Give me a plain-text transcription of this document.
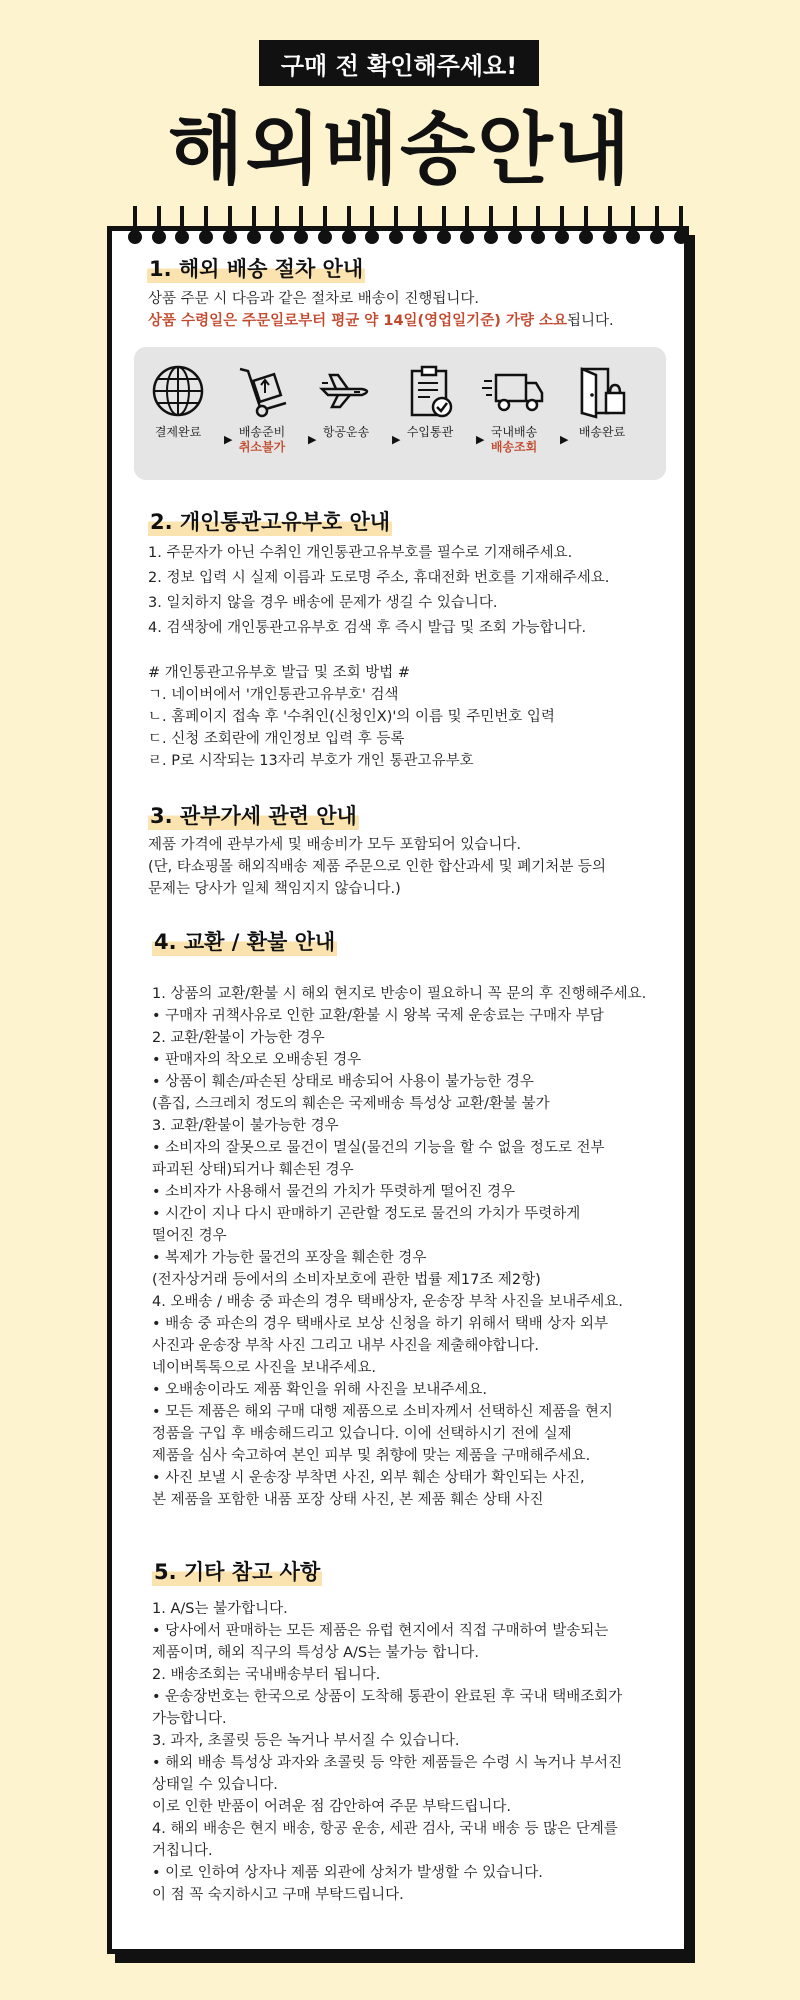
구매 전 확인해주세요!
해외배송안내
1. 해외 배송 절차 안내
상품 주문 시 다음과 같은 절차로 배송이 진행됩니다.
상품 수령일은 주문일로부터 평균 약 14일(영업일기준) 가량 소요됩니다.
결제완료

▶
배송준비
취소불가
▶
항공운송

▶
수입통관

▶
국내배송
배송조회
▶
배송완료

2. 개인통관고유부호 안내
1. 주문자가 아닌 수취인 개인통관고유부호를 필수로 기재해주세요.
2. 정보 입력 시 실제 이름과 도로명 주소, 휴대전화 번호를 기재해주세요.
3. 일치하지 않을 경우 배송에 문제가 생길 수 있습니다.
4. 검색창에 개인통관고유부호 검색 후 즉시 발급 및 조회 가능합니다.
# 개인통관고유부호 발급 및 조회 방법 #
ㄱ. 네이버에서 '개인통관고유부호' 검색
ㄴ. 홈페이지 접속 후 '수취인(신청인X)'의 이름 및 주민번호 입력
ㄷ. 신청 조회란에 개인정보 입력 후 등록
ㄹ. P로 시작되는 13자리 부호가 개인 통관고유부호
3. 관부가세 관련 안내
제품 가격에 관부가세 및 배송비가 모두 포함되어 있습니다.
(단, 타쇼핑몰 해외직배송 제품 주문으로 인한 합산과세 및 폐기처분 등의
문제는 당사가 일체 책임지지 않습니다.)
4. 교환 / 환불 안내
1. 상품의 교환/환불 시 해외 현지로 반송이 필요하니 꼭 문의 후 진행해주세요.
• 구매자 귀책사유로 인한 교환/환불 시 왕복 국제 운송료는 구매자 부담
2. 교환/환불이 가능한 경우
• 판매자의 착오로 오배송된 경우
• 상품이 훼손/파손된 상태로 배송되어 사용이 불가능한 경우
(흠집, 스크레치 정도의 훼손은 국제배송 특성상 교환/환불 불가
3. 교환/환불이 불가능한 경우
• 소비자의 잘못으로 물건이 멸실(물건의 기능을 할 수 없을 정도로 전부
파괴된 상태)되거나 훼손된 경우
• 소비자가 사용해서 물건의 가치가 뚜렷하게 떨어진 경우
• 시간이 지나 다시 판매하기 곤란할 정도로 물건의 가치가 뚜렷하게
떨어진 경우
• 복제가 가능한 물건의 포장을 훼손한 경우
(전자상거래 등에서의 소비자보호에 관한 법률 제17조 제2항)
4. 오배송 / 배송 중 파손의 경우 택배상자, 운송장 부착 사진을 보내주세요.
• 배송 중 파손의 경우 택배사로 보상 신청을 하기 위해서 택배 상자 외부
사진과 운송장 부착 사진 그리고 내부 사진을 제출해야합니다.
네이버톡톡으로 사진을 보내주세요.
• 오배송이라도 제품 확인을 위해 사진을 보내주세요.
• 모든 제품은 해외 구매 대행 제품으로 소비자께서 선택하신 제품을 현지
정품을 구입 후 배송해드리고 있습니다. 이에 선택하시기 전에 실제
제품을 심사 숙고하여 본인 피부 및 취향에 맞는 제품을 구매해주세요.
• 사진 보낼 시 운송장 부착면 사진, 외부 훼손 상태가 확인되는 사진,
본 제품을 포함한 내품 포장 상태 사진, 본 제품 훼손 상태 사진
5. 기타 참고 사항
1. A/S는 불가합니다.
• 당사에서 판매하는 모든 제품은 유럽 현지에서 직접 구매하여 발송되는
제품이며, 해외 직구의 특성상 A/S는 불가능 합니다.
2. 배송조회는 국내배송부터 됩니다.
• 운송장번호는 한국으로 상품이 도착해 통관이 완료된 후 국내 택배조회가
가능합니다.
3. 과자, 초콜릿 등은 녹거나 부서질 수 있습니다.
• 해외 배송 특성상 과자와 초콜릿 등 약한 제품들은 수령 시 녹거나 부서진
상태일 수 있습니다.
이로 인한 반품이 어려운 점 감안하여 주문 부탁드립니다.
4. 해외 배송은 현지 배송, 항공 운송, 세관 검사, 국내 배송 등 많은 단계를
거칩니다.
• 이로 인하여 상자나 제품 외관에 상처가 발생할 수 있습니다.
이 점 꼭 숙지하시고 구매 부탁드립니다.
